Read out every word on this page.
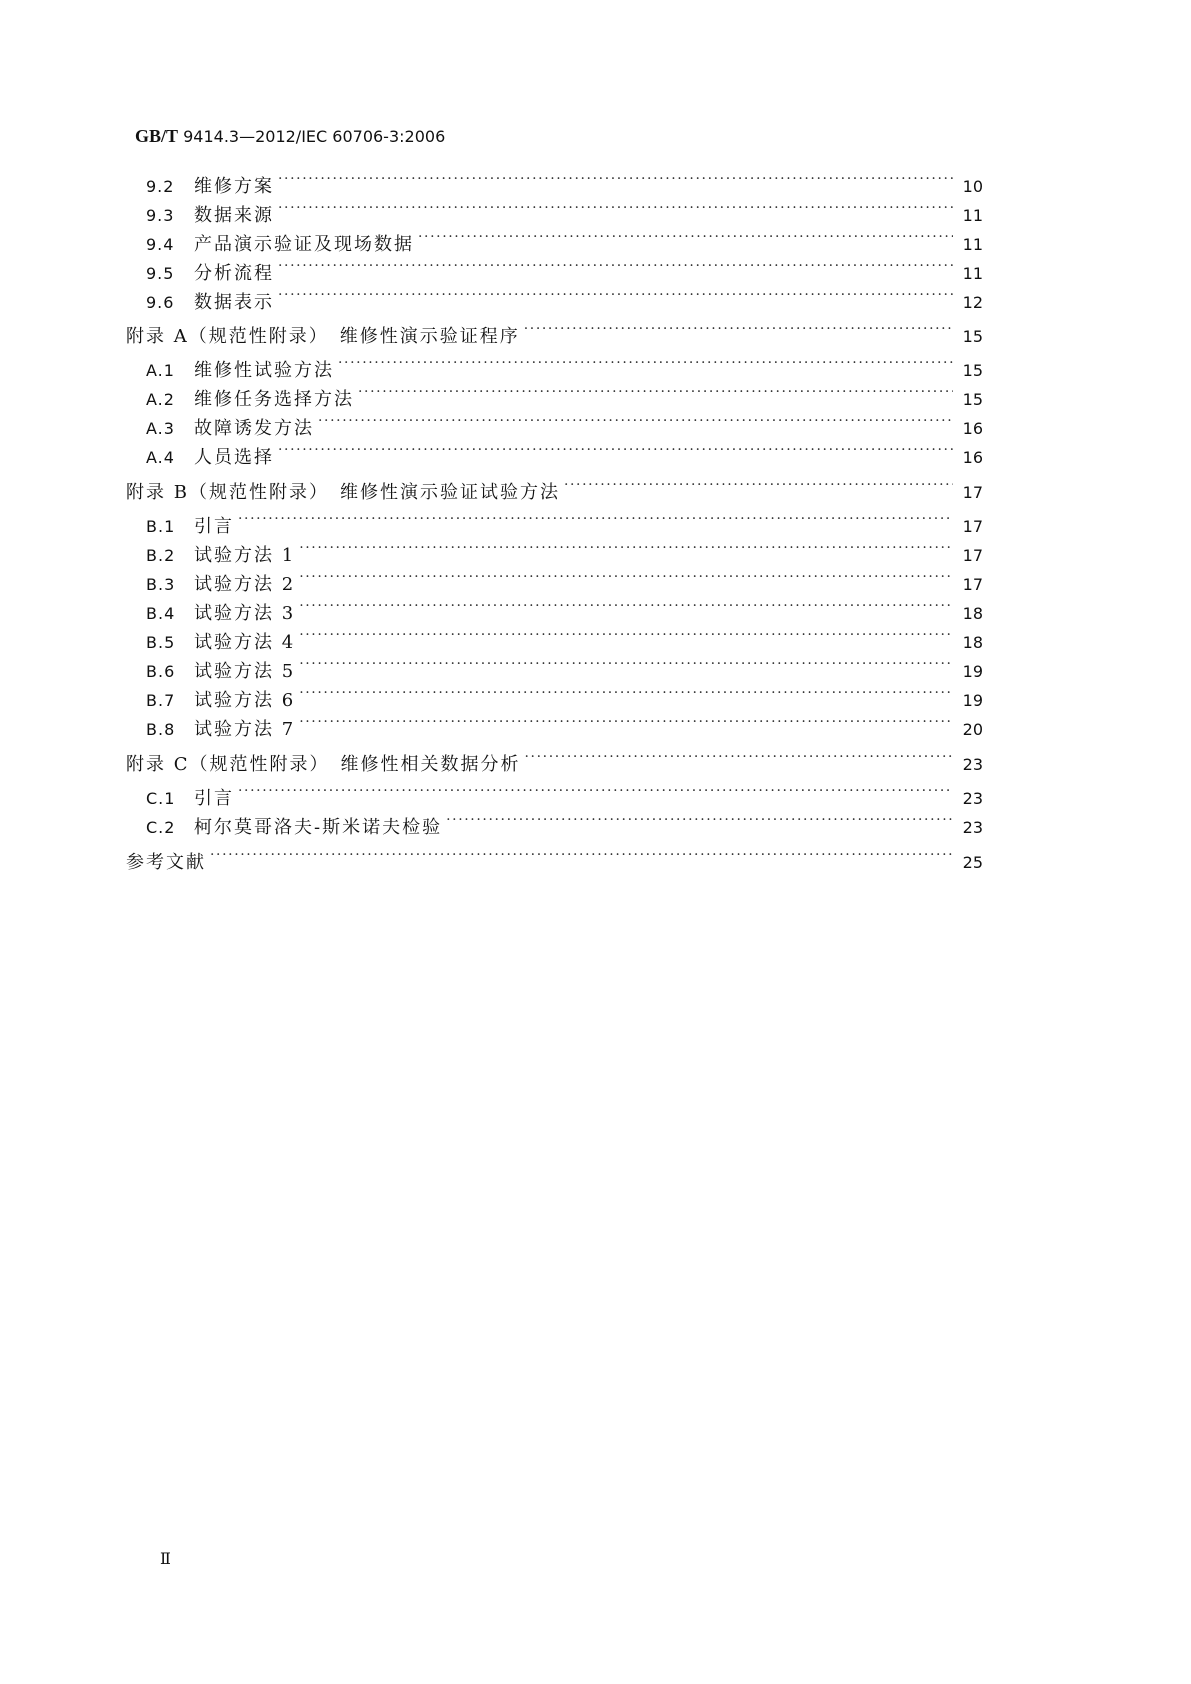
GB/T 9414.3—2012/IEC 60706-3:2006
9.2	维修方案 ·····	10
9.3	数据来源 ·····	11
9.4	产品演示验证及现场数据 ·····	11
9.5	分析流程 ·····	11
9.6	数据表示 ·····	12
附录 A（规范性附录）　维修性演示验证程序 ·····	15
A.1	维修性试验方法 ·····	15
A.2	维修任务选择方法 ·····	15
A.3	故障诱发方法 ·····	16
A.4	人员选择 ·····	16
附录 B（规范性附录）　维修性演示验证试验方法 ·····	17
B.1	引言 ·····	17
B.2	试验方法 1 ·····	17
B.3	试验方法 2 ·····	17
B.4	试验方法 3 ·····	18
B.5	试验方法 4 ·····	18
B.6	试验方法 5 ·····	19
B.7	试验方法 6 ·····	19
B.8	试验方法 7 ·····	20
附录 C（规范性附录）　维修性相关数据分析 ·····	23
C.1	引言 ·····	23
C.2	柯尔莫哥洛夫-斯米诺夫检验 ·····	23
参考文献 ·····	25
Ⅱ
